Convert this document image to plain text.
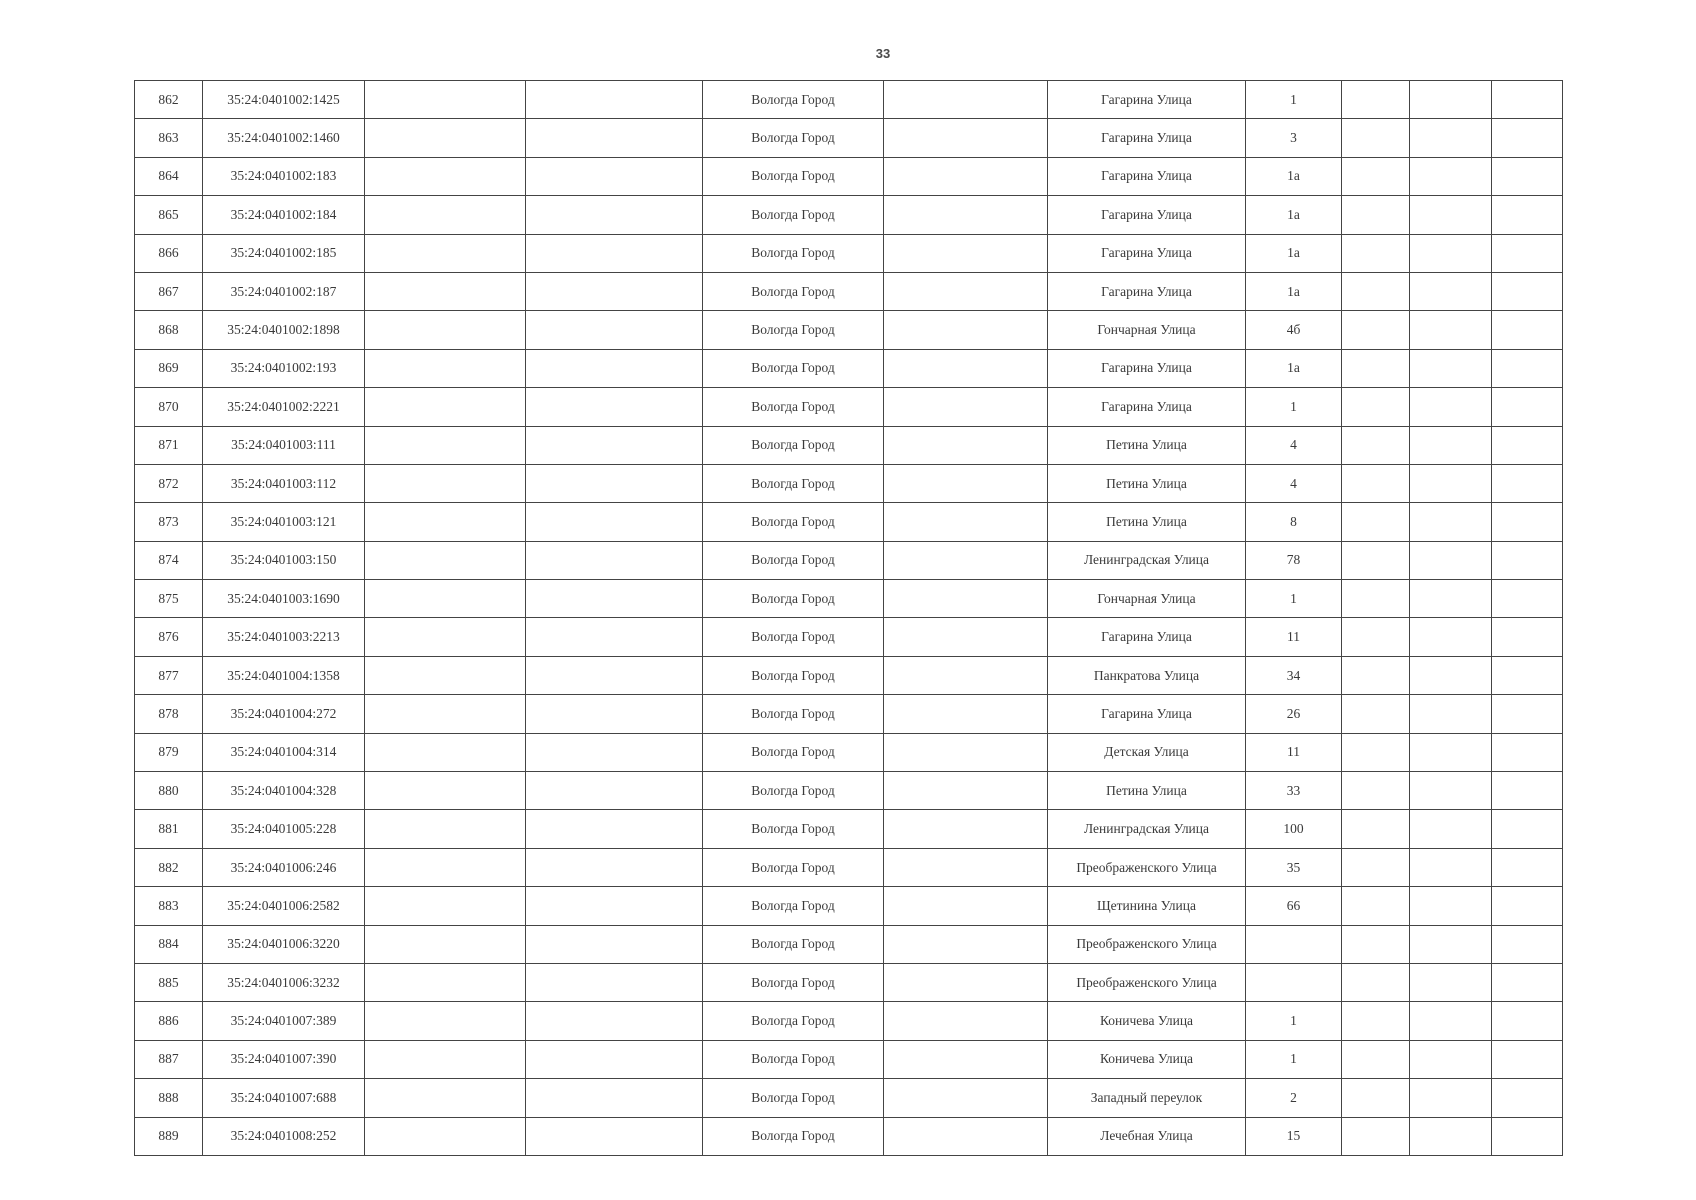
33
862	35:24:0401002:1425			Вологда Город		Гагарина Улица	1			
863	35:24:0401002:1460			Вологда Город		Гагарина Улица	3			
864	35:24:0401002:183			Вологда Город		Гагарина Улица	1а			
865	35:24:0401002:184			Вологда Город		Гагарина Улица	1а			
866	35:24:0401002:185			Вологда Город		Гагарина Улица	1а			
867	35:24:0401002:187			Вологда Город		Гагарина Улица	1а			
868	35:24:0401002:1898			Вологда Город		Гончарная Улица	4б			
869	35:24:0401002:193			Вологда Город		Гагарина Улица	1а			
870	35:24:0401002:2221			Вологда Город		Гагарина Улица	1			
871	35:24:0401003:111			Вологда Город		Петина Улица	4			
872	35:24:0401003:112			Вологда Город		Петина Улица	4			
873	35:24:0401003:121			Вологда Город		Петина Улица	8			
874	35:24:0401003:150			Вологда Город		Ленинградская Улица	78			
875	35:24:0401003:1690			Вологда Город		Гончарная Улица	1			
876	35:24:0401003:2213			Вологда Город		Гагарина Улица	11			
877	35:24:0401004:1358			Вологда Город		Панкратова Улица	34			
878	35:24:0401004:272			Вологда Город		Гагарина Улица	26			
879	35:24:0401004:314			Вологда Город		Детская Улица	11			
880	35:24:0401004:328			Вологда Город		Петина Улица	33			
881	35:24:0401005:228			Вологда Город		Ленинградская Улица	100			
882	35:24:0401006:246			Вологда Город		Преображенского Улица	35			
883	35:24:0401006:2582			Вологда Город		Щетинина Улица	66			
884	35:24:0401006:3220			Вологда Город		Преображенского Улица				
885	35:24:0401006:3232			Вологда Город		Преображенского Улица				
886	35:24:0401007:389			Вологда Город		Коничева Улица	1			
887	35:24:0401007:390			Вологда Город		Коничева Улица	1			
888	35:24:0401007:688			Вологда Город		Западный переулок	2			
889	35:24:0401008:252			Вологда Город		Лечебная Улица	15			
